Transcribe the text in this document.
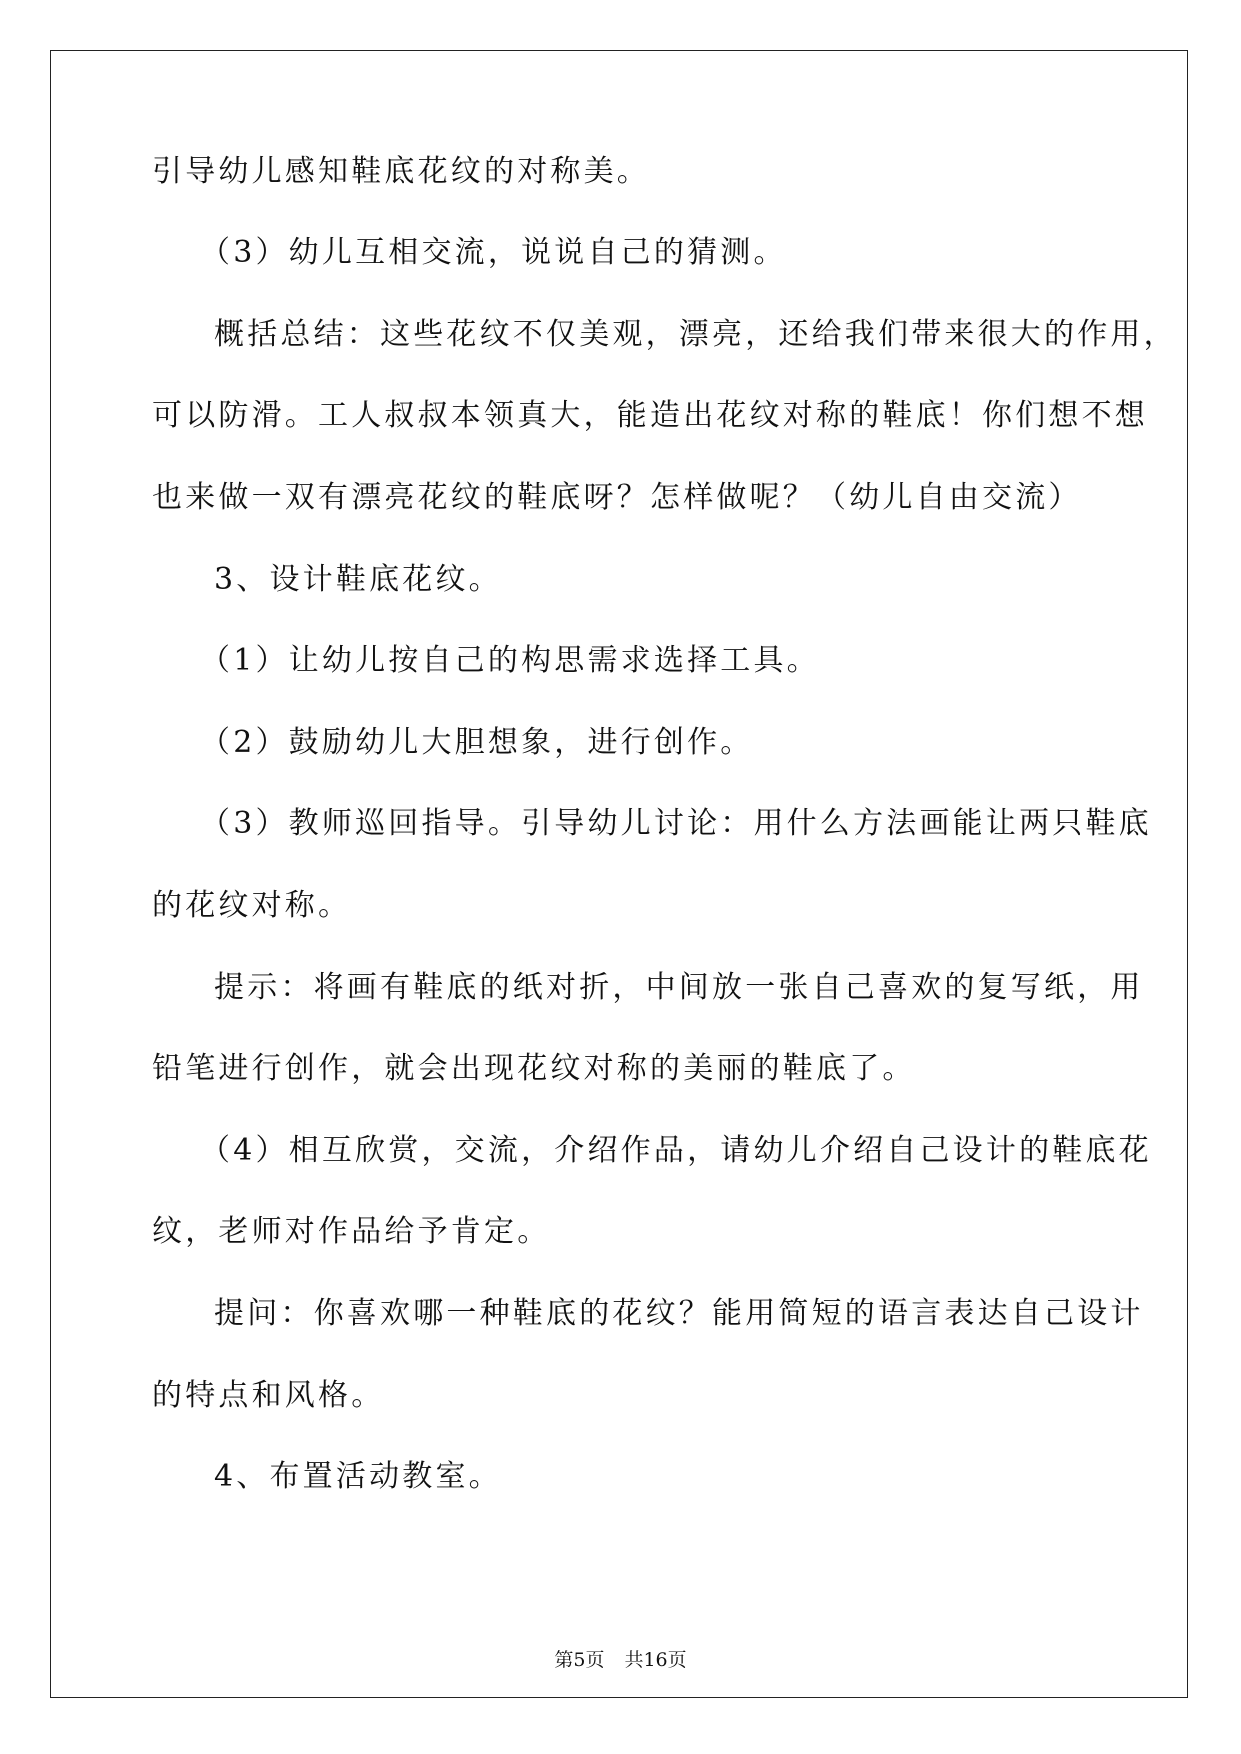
引导幼儿感知鞋底花纹的对称美。
（3）幼儿互相交流，说说自己的猜测。
概括总结：这些花纹不仅美观，漂亮，还给我们带来很大的作用，
可以防滑。工人叔叔本领真大，能造出花纹对称的鞋底！你们想不想
也来做一双有漂亮花纹的鞋底呀？怎样做呢？（幼儿自由交流）
3、设计鞋底花纹。
（1）让幼儿按自己的构思需求选择工具。
（2）鼓励幼儿大胆想象，进行创作。
（3）教师巡回指导。引导幼儿讨论：用什么方法画能让两只鞋底
的花纹对称。
提示：将画有鞋底的纸对折，中间放一张自己喜欢的复写纸，用
铅笔进行创作，就会出现花纹对称的美丽的鞋底了。
（4）相互欣赏，交流，介绍作品，请幼儿介绍自己设计的鞋底花
纹，老师对作品给予肯定。
提问：你喜欢哪一种鞋底的花纹？能用简短的语言表达自己设计
的特点和风格。
4、布置活动教室。
第5页 共16页
